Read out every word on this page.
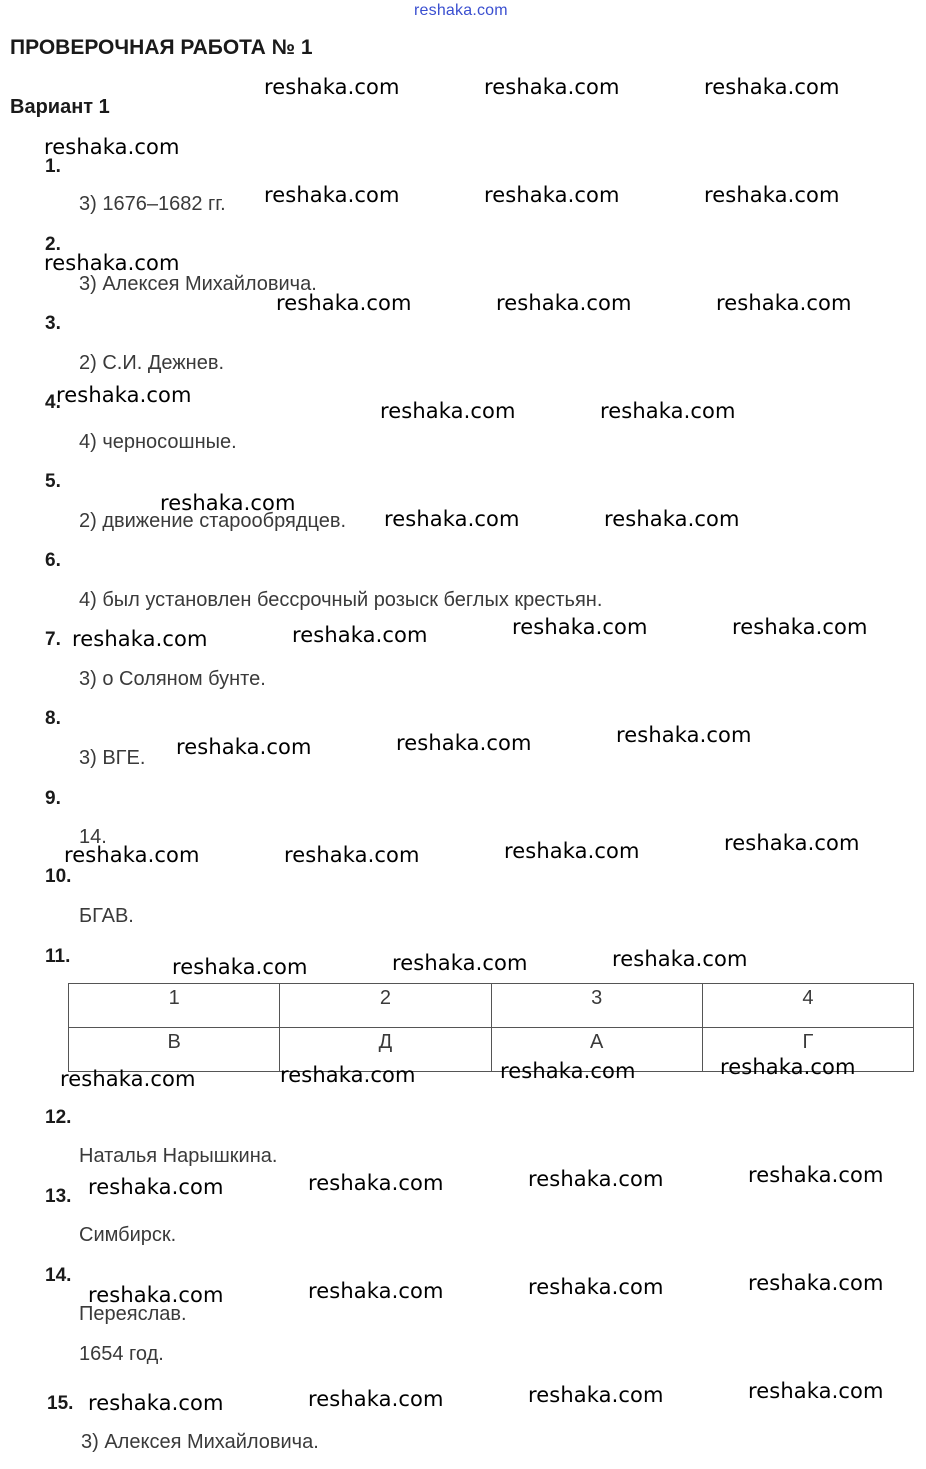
reshaka.com
ПРОВЕРОЧНАЯ РАБОТА № 1
Вариант 1
1.
2.
3.
4.
5.
6.
7.
8.
9.
10.
11.
12.
13.
14.
15.
3) 1676–1682 гг.
3) Алексея Михайловича.
2) С.И. Дежнев.
4) черносошные.
2) движение старообрядцев.
4) был установлен бессрочный розыск беглых крестьян.
3) о Соляном бунте.
3) ВГЕ.
14.
БГАВ.
Наталья Нарышкина.
Симбирск.
Переяслав.
1654 год.
3) Алексея Михайловича.
1	2	3	4
В	Д	А	Г
reshaka.com	reshaka.com	reshaka.com
reshaka.com
reshaka.com	reshaka.com	reshaka.com
reshaka.com
reshaka.com	reshaka.com	reshaka.com
reshaka.com
reshaka.com	reshaka.com
reshaka.com
reshaka.com	reshaka.com
reshaka.com	reshaka.com	reshaka.com	reshaka.com
reshaka.com	reshaka.com	reshaka.com
reshaka.com	reshaka.com	reshaka.com	reshaka.com
reshaka.com	reshaka.com	reshaka.com
reshaka.com	reshaka.com	reshaka.com	reshaka.com
reshaka.com	reshaka.com	reshaka.com	reshaka.com
reshaka.com	reshaka.com	reshaka.com	reshaka.com
reshaka.com	reshaka.com	reshaka.com	reshaka.com
